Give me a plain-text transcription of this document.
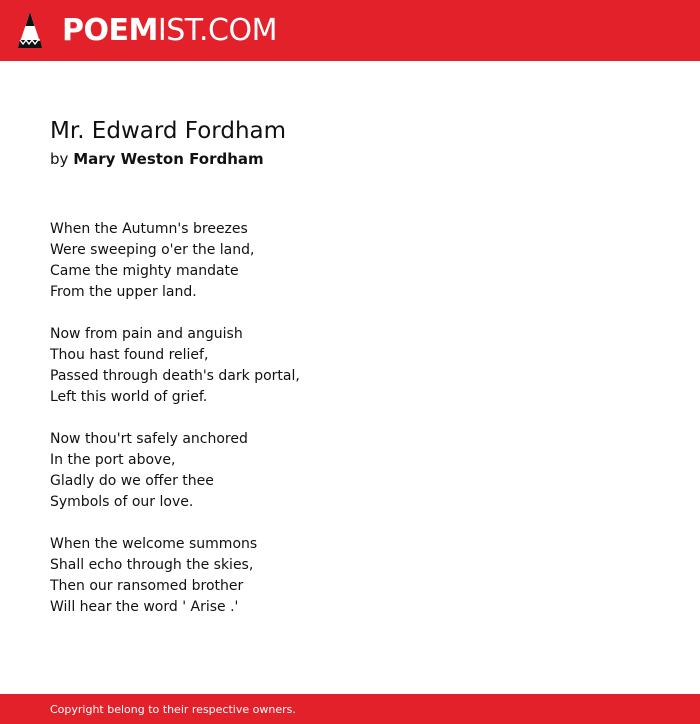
POEMIST.COM
Mr. Edward Fordham
by Mary Weston Fordham
When the Autumn's breezes
Were sweeping o'er the land,
Came the mighty mandate
From the upper land.
Now from pain and anguish
Thou hast found relief,
Passed through death's dark portal,
Left this world of grief.
Now thou'rt safely anchored
In the port above,
Gladly do we offer thee
Symbols of our love.
When the welcome summons
Shall echo through the skies,
Then our ransomed brother
Will hear the word ' Arise .'
Copyright belong to their respective owners.
